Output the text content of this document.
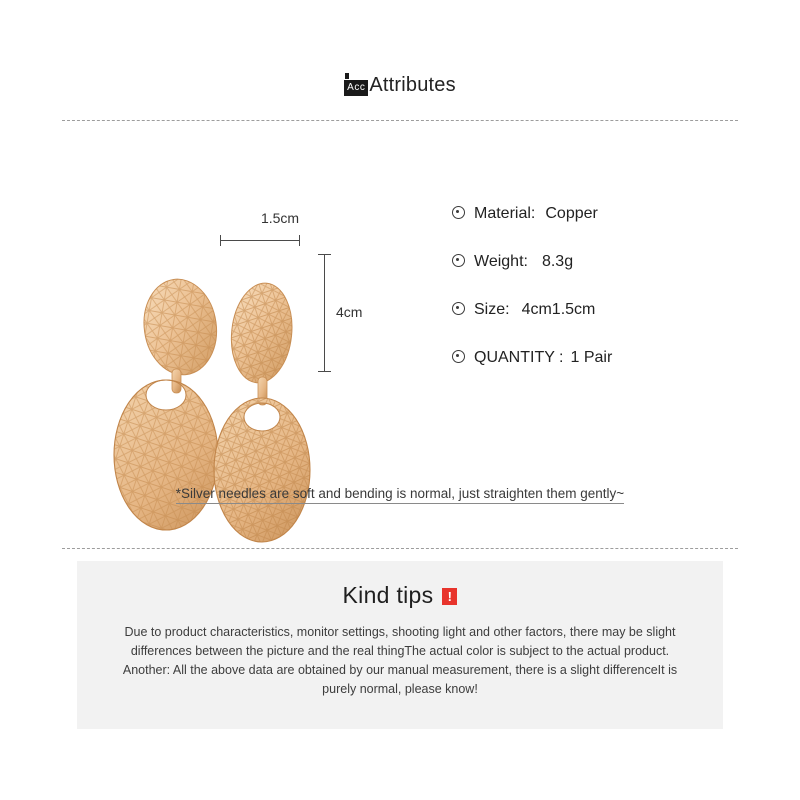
Acc Attributes
1.5cm
4cm
Material: Copper
Weight: 8.3g
Size: 4cm1.5cm
QUANTITY : 1 Pair
*Silver needles are soft and bending is normal, just straighten them gently~
Kind tips	!
Due to product characteristics, monitor settings, shooting light and other factors, there may be slight differences between the picture and the real thingThe actual color is subject to the actual product. Another: All the above data are obtained by our manual measurement, there is a slight differenceIt is purely normal, please know!
